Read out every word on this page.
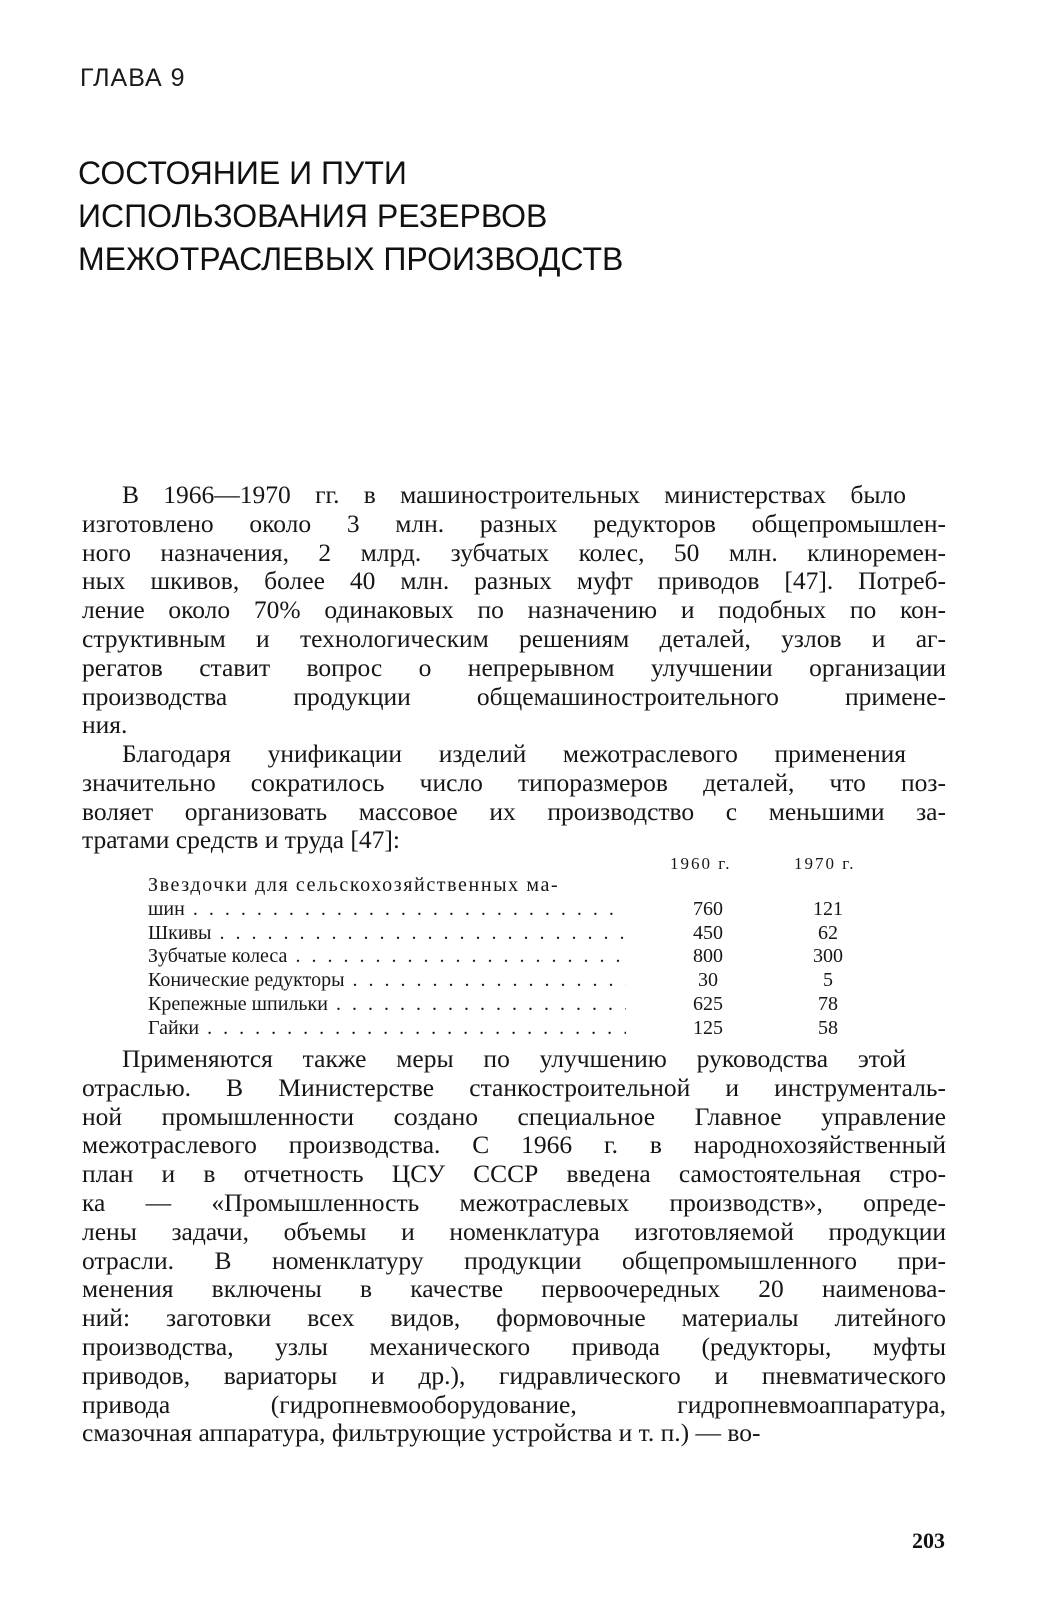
ГЛАВА 9
СОСТОЯНИЕ И ПУТИ
ИСПОЛЬЗОВАНИЯ РЕЗЕРВОВ
МЕЖОТРАСЛЕВЫХ ПРОИЗВОДСТВ
В 1966—1970 гг. в машиностроительных министерствах было
изготовлено около 3 млн. разных редукторов общепромышлен-
ного назначения, 2 млрд. зубчатых колес, 50 млн. клиноремен-
ных шкивов, более 40 млн. разных муфт приводов [47]. Потреб-
ление около 70% одинаковых по назначению и подобных по кон-
структивным и технологическим решениям деталей, узлов и аг-
регатов ставит вопрос о непрерывном улучшении организации
производства продукции общемашиностроительного примене-
ния.
Благодаря унификации изделий межотраслевого применения
значительно сократилось число типоразмеров деталей, что поз-
воляет организовать массовое их производство с меньшими за-
тратами средств и труда [47]:
1960 г.	1970 г.
Звездочки для сельскохозяйственных ма-
шин . . .	760	121
Шкивы . . .	450	62
Зубчатые колеса . . .	800	300
Конические редукторы . . .	30	5
Крепежные шпильки . . .	625	78
Гайки . . .	125	58
Применяются также меры по улучшению руководства этой
отраслью. В Министерстве станкостроительной и инструменталь-
ной промышленности создано специальное Главное управление
межотраслевого производства. С 1966 г. в народнохозяйственный
план и в отчетность ЦСУ СССР введена самостоятельная стро-
ка — «Промышленность межотраслевых производств», опреде-
лены задачи, объемы и номенклатура изготовляемой продукции
отрасли. В номенклатуру продукции общепромышленного при-
менения включены в качестве первоочередных 20 наименова-
ний: заготовки всех видов, формовочные материалы литейного
производства, узлы механического привода (редукторы, муфты
приводов, вариаторы и др.), гидравлического и пневматического
привода (гидропневмооборудование, гидропневмоаппаратура,
смазочная аппаратура, фильтрующие устройства и т. п.) — во-
203
